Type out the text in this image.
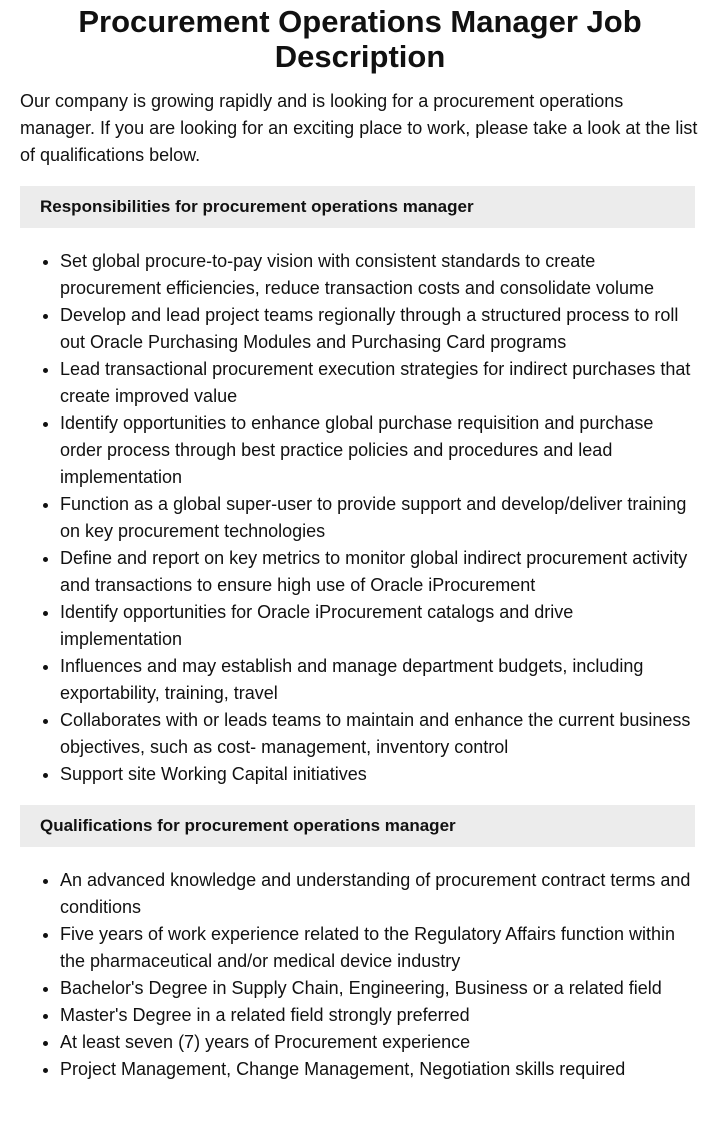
Procurement Operations Manager Job Description

Our company is growing rapidly and is looking for a procurement operations manager. If you are looking for an exciting place to work, please take a look at the list of qualifications below.

Responsibilities for procurement operations manager
• Set global procure-to-pay vision with consistent standards to create procurement efficiencies, reduce transaction costs and consolidate volume
• Develop and lead project teams regionally through a structured process to roll out Oracle Purchasing Modules and Purchasing Card programs
• Lead transactional procurement execution strategies for indirect purchases that create improved value
• Identify opportunities to enhance global purchase requisition and purchase order process through best practice policies and procedures and lead implementation
• Function as a global super-user to provide support and develop/deliver training on key procurement technologies
• Define and report on key metrics to monitor global indirect procurement activity and transactions to ensure high use of Oracle iProcurement
• Identify opportunities for Oracle iProcurement catalogs and drive implementation
• Influences and may establish and manage department budgets, including exportability, training, travel
• Collaborates with or leads teams to maintain and enhance the current business objectives, such as cost- management, inventory control
• Support site Working Capital initiatives
Qualifications for procurement operations manager
• An advanced knowledge and understanding of procurement contract terms and conditions
• Five years of work experience related to the Regulatory Affairs function within the pharmaceutical and/or medical device industry
• Bachelor's Degree in Supply Chain, Engineering, Business or a related field
• Master's Degree in a related field strongly preferred
• At least seven (7) years of Procurement experience
• Project Management, Change Management, Negotiation skills required
